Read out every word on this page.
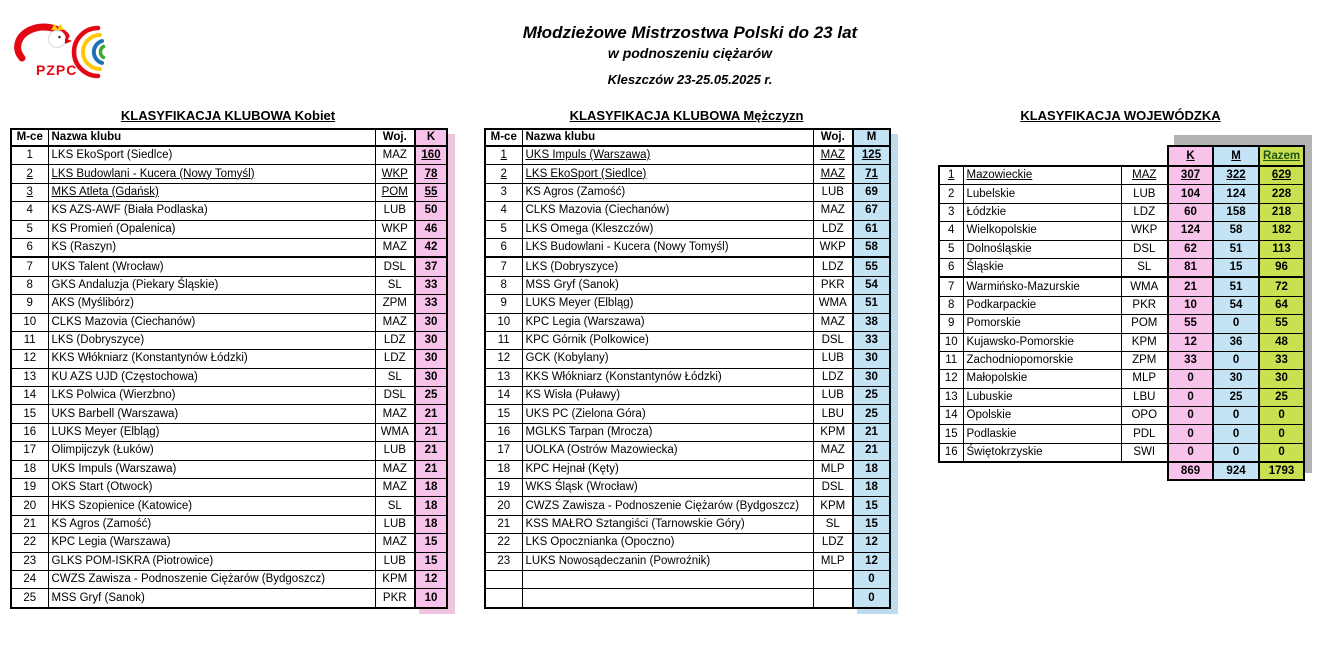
PZPC
Młodzieżowe Mistrzostwa Polski do 23 lat
w podnoszeniu ciężarów
Kleszczów 23-25.05.2025 r.
KLASYFIKACJA KLUBOWA Kobiet
M-ce	Nazwa klubu	Woj.	K
1	LKS EkoSport (Siedlce)	MAZ	160
2	LKS Budowlani - Kucera (Nowy Tomyśl)	WKP	78
3	MKS Atleta (Gdańsk)	POM	55
4	KS AZS-AWF (Biała Podlaska)	LUB	50
5	KS Promień (Opalenica)	WKP	46
6	KS (Raszyn)	MAZ	42
7	UKS Talent (Wrocław)	DSL	37
8	GKS Andaluzja (Piekary Śląskie)	SL	33
9	AKS (Myślibórz)	ZPM	33
10	CLKS Mazovia (Ciechanów)	MAZ	30
11	LKS (Dobryszyce)	LDZ	30
12	KKS Włókniarz (Konstantynów Łódzki)	LDZ	30
13	KU AZS UJD (Częstochowa)	SL	30
14	LKS Polwica (Wierzbno)	DSL	25
15	UKS Barbell (Warszawa)	MAZ	21
16	LUKS Meyer (Elbląg)	WMA	21
17	Olimpijczyk (Łuków)	LUB	21
18	UKS Impuls (Warszawa)	MAZ	21
19	OKS Start (Otwock)	MAZ	18
20	HKS Szopienice (Katowice)	SL	18
21	KS Agros (Zamość)	LUB	18
22	KPC Legia (Warszawa)	MAZ	15
23	GLKS POM-ISKRA (Piotrowice)	LUB	15
24	CWZS Zawisza - Podnoszenie Ciężarów (Bydgoszcz)	KPM	12
25	MSS Gryf (Sanok)	PKR	10
KLASYFIKACJA KLUBOWA Mężczyzn
M-ce	Nazwa klubu	Woj.	M
1	UKS Impuls (Warszawa)	MAZ	125
2	LKS EkoSport (Siedlce)	MAZ	71
3	KS Agros (Zamość)	LUB	69
4	CLKS Mazovia (Ciechanów)	MAZ	67
5	LKS Omega (Kleszczów)	LDZ	61
6	LKS Budowlani - Kucera (Nowy Tomyśl)	WKP	58
7	LKS (Dobryszyce)	LDZ	55
8	MSS Gryf (Sanok)	PKR	54
9	LUKS Meyer (Elbląg)	WMA	51
10	KPC Legia (Warszawa)	MAZ	38
11	KPC Górnik (Polkowice)	DSL	33
12	GCK (Kobylany)	LUB	30
13	KKS Włókniarz (Konstantynów Łódzki)	LDZ	30
14	KS Wisła (Puławy)	LUB	25
15	UKS PC (Zielona Góra)	LBU	25
16	MGLKS Tarpan (Mrocza)	KPM	21
17	UOLKA (Ostrów Mazowiecka)	MAZ	21
18	KPC Hejnał (Kęty)	MLP	18
19	WKS Śląsk (Wrocław)	DSL	18
20	CWZS Zawisza - Podnoszenie Ciężarów (Bydgoszcz)	KPM	15
21	KSS MAŁRO Sztangiści (Tarnowskie Góry)	SL	15
22	LKS Opocznianka (Opoczno)	LDZ	12
23	LUKS Nowosądeczanin (Powroźnik)	MLP	12
			0
			0
KLASYFIKACJA WOJEWÓDZKA
			K	M	Razem
1	Mazowieckie	MAZ	307	322	629
2	Lubelskie	LUB	104	124	228
3	Łódzkie	LDZ	60	158	218
4	Wielkopolskie	WKP	124	58	182
5	Dolnośląskie	DSL	62	51	113
6	Śląskie	SL	81	15	96
7	Warmińsko-Mazurskie	WMA	21	51	72
8	Podkarpackie	PKR	10	54	64
9	Pomorskie	POM	55	0	55
10	Kujawsko-Pomorskie	KPM	12	36	48
11	Zachodniopomorskie	ZPM	33	0	33
12	Małopolskie	MLP	0	30	30
13	Lubuskie	LBU	0	25	25
14	Opolskie	OPO	0	0	0
15	Podlaskie	PDL	0	0	0
16	Świętokrzyskie	SWI	0	0	0
			869	924	1793
